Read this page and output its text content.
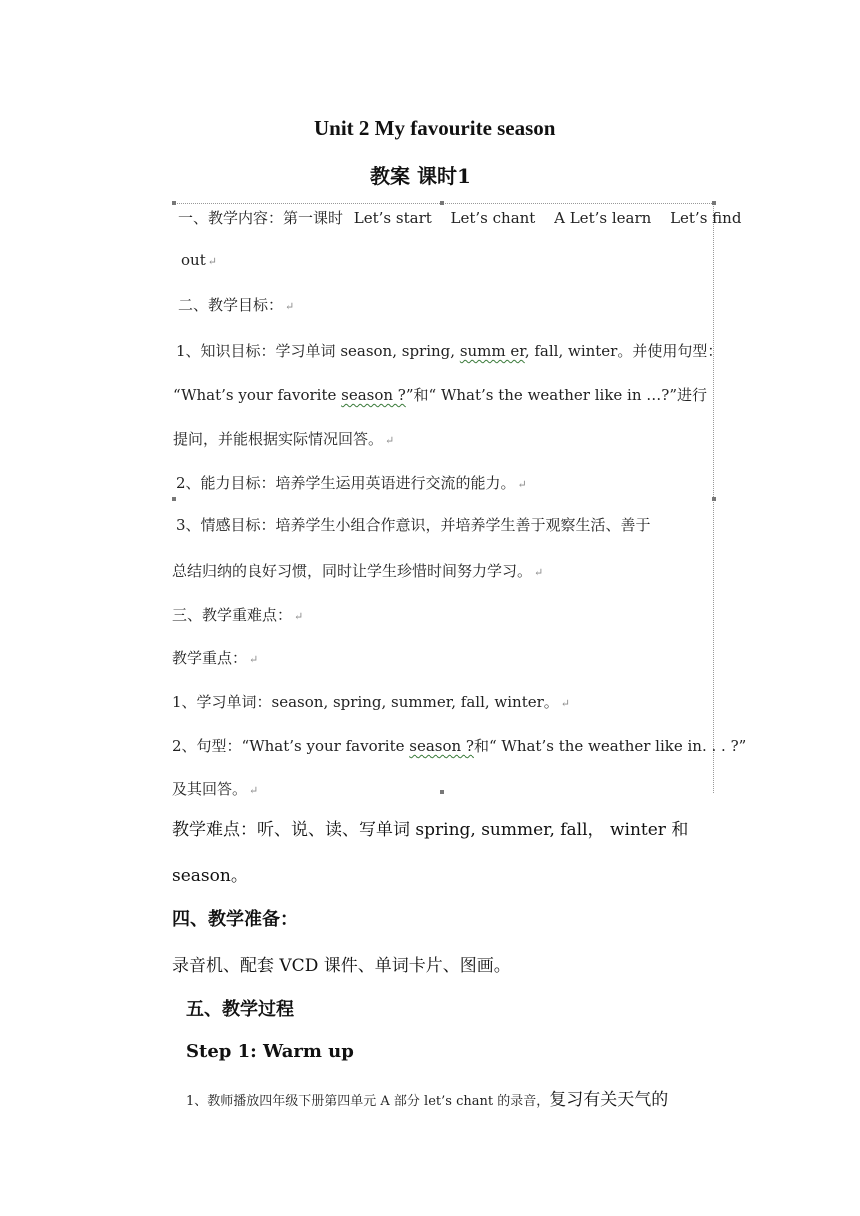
Unit 2 My favourite season
教案 课时1
一、教学内容：第一课时 Let’s start Let’s chant A Let’s learn Let’s find
out ↵
二、教学目标： ↵
1、知识目标：学习单词 season, spring, summ er, fall, winter。并使用句型：
“What’s your favorite season ?”和“ What’s the weather like in …?”进行
提问，并能根据实际情况回答。 ↵
2、能力目标：培养学生运用英语进行交流的能力。 ↵
3、情感目标：培养学生小组合作意识，并培养学生善于观察生活、善于
总结归纳的良好习惯，同时让学生珍惜时间努力学习。 ↵
三、教学重难点： ↵
教学重点： ↵
1、学习单词：season, spring, summer, fall, winter。 ↵
2、句型：“What’s your favorite season ?和“ What’s the weather like in. . . ?”
及其回答。 ↵
教学难点：听、说、读、写单词 spring, summer, fall， winter 和
season。
四、教学准备：
录音机、配套 VCD 课件、单词卡片、图画。
五、教学过程
Step 1: Warm up
1、教师播放四年级下册第四单元 A 部分 let’s chant 的录音，复习有关天气的
